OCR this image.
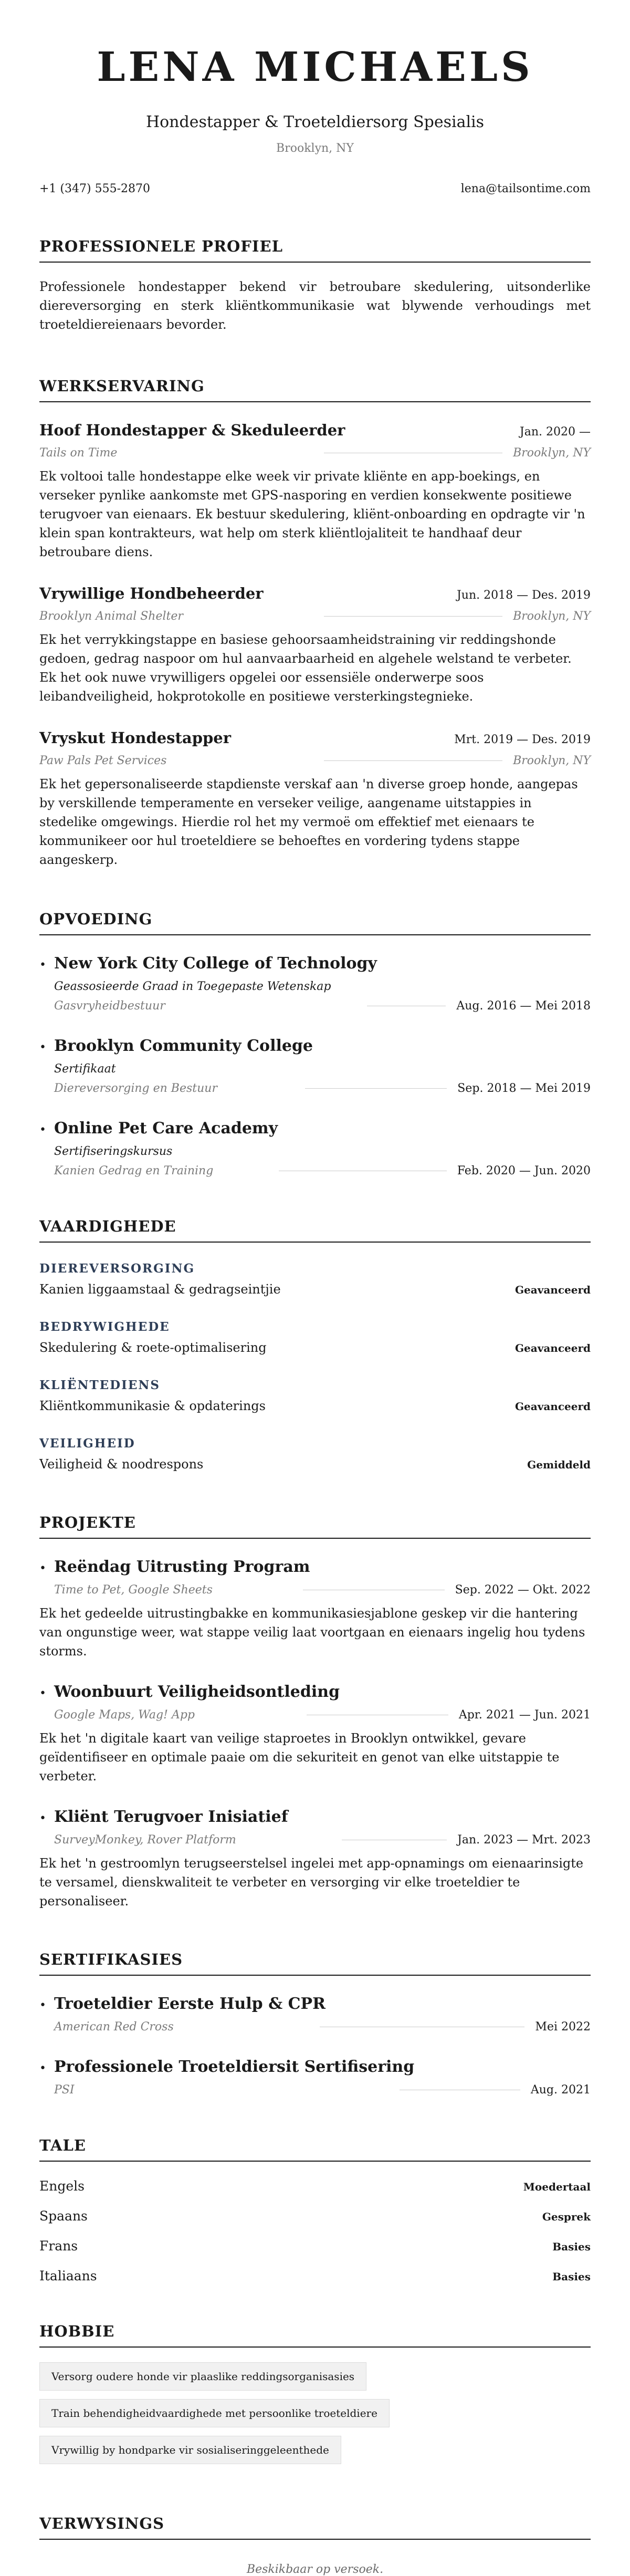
LENA MICHAELS
Hondestapper & Troeteldiersorg Spesialis
Brooklyn, NY
+1 (347) 555-2870	lena@tailsontime.com
PROFESSIONELE PROFIEL
Professionele hondestapper bekend vir betroubare skedulering, uitsonderlike diereversorging en sterk kliëntkommunikasie wat blywende verhoudings met troeteldiereienaars bevorder.
WERKSERVARING
Hoof Hondestapper & Skeduleerder	Jan. 2020 —
Tails on Time	Brooklyn, NY
Ek voltooi talle hondestappe elke week vir private kliënte en app-boekings, en verseker pynlike aankomste met GPS-nasporing en verdien konsekwente positiewe terugvoer van eienaars. Ek bestuur skedulering, kliënt-onboarding en opdragte vir 'n klein span kontrakteurs, wat help om sterk kliëntlojaliteit te handhaaf deur betroubare diens.
Vrywillige Hondbeheerder	Jun. 2018 — Des. 2019
Brooklyn Animal Shelter	Brooklyn, NY
Ek het verrykkingstappe en basiese gehoorsaamheidstraining vir reddingshonde gedoen, gedrag naspoor om hul aanvaarbaarheid en algehele welstand te verbeter. Ek het ook nuwe vrywilligers opgelei oor essensiële onderwerpe soos leibandveiligheid, hokprotokolle en positiewe versterkingstegnieke.
Vryskut Hondestapper	Mrt. 2019 — Des. 2019
Paw Pals Pet Services	Brooklyn, NY
Ek het gepersonaliseerde stapdienste verskaf aan 'n diverse groep honde, aangepas by verskillende temperamente en verseker veilige, aangename uitstappies in stedelike omgewings. Hierdie rol het my vermoë om effektief met eienaars te kommunikeer oor hul troeteldiere se behoeftes en vordering tydens stappe aangeskerp.
OPVOEDING
• New York City College of Technology
Geassosieerde Graad in Toegepaste Wetenskap
Gasvryheidbestuur	Aug. 2016 — Mei 2018
• Brooklyn Community College
Sertifikaat
Diereversorging en Bestuur	Sep. 2018 — Mei 2019
• Online Pet Care Academy
Sertifiseringskursus
Kanien Gedrag en Training	Feb. 2020 — Jun. 2020
VAARDIGHEDE
DIEREVERSORGING
Kanien liggaamstaal & gedragseintjie	Geavanceerd
BEDRYWIGHEDE
Skedulering & roete-optimalisering	Geavanceerd
KLIËNTEDIENS
Kliëntkommunikasie & opdaterings	Geavanceerd
VEILIGHEID
Veiligheid & noodrespons	Gemiddeld
PROJEKTE
• Reëndag Uitrusting Program
Time to Pet, Google Sheets	Sep. 2022 — Okt. 2022
Ek het gedeelde uitrustingbakke en kommunikasiesjablone geskep vir die hantering van ongunstige weer, wat stappe veilig laat voortgaan en eienaars ingelig hou tydens storms.
• Woonbuurt Veiligheidsontleding
Google Maps, Wag! App	Apr. 2021 — Jun. 2021
Ek het 'n digitale kaart van veilige staproetes in Brooklyn ontwikkel, gevare geïdentifiseer en optimale paaie om die sekuriteit en genot van elke uitstappie te verbeter.
• Kliënt Terugvoer Inisiatief
SurveyMonkey, Rover Platform	Jan. 2023 — Mrt. 2023
Ek het 'n gestroomlyn terugseerstelsel ingelei met app-opnamings om eienaarinsigte te versamel, dienskwaliteit te verbeter en versorging vir elke troeteldier te personaliseer.
SERTIFIKASIES
• Troeteldier Eerste Hulp & CPR
American Red Cross	Mei 2022
• Professionele Troeteldiersit Sertifisering
PSI	Aug. 2021
TALE
Engels	Moedertaal
Spaans	Gesprek
Frans	Basies
Italiaans	Basies
HOBBIE
Versorg oudere honde vir plaaslike reddingsorganisasies
Train behendigheidvaardighede met persoonlike troeteldiere
Vrywillig by hondparke vir sosialiseringgeleenthede
VERWYSINGS
Beskikbaar op versoek.
